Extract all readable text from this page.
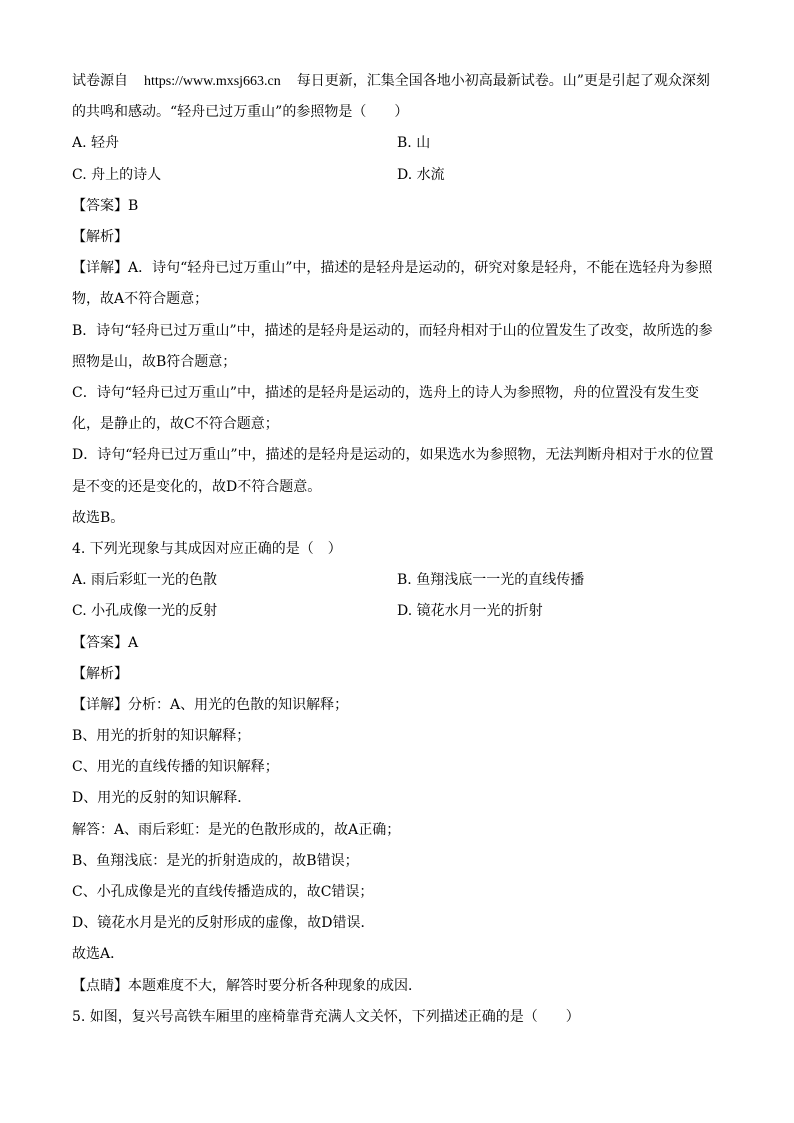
试卷源自 https://www.mxsj663.cn 每日更新，汇集全国各地小初高最新试卷。山”更是引起了观众深刻
的共鸣和感动。“轻舟已过万重山”的参照物是（　　）
A. 轻舟	B. 山
C. 舟上的诗人	D. 水流
【答案】B
【解析】
【详解】A．诗句“轻舟已过万重山”中，描述的是轻舟是运动的，研究对象是轻舟，不能在选轻舟为参照物，故A不符合题意；
B．诗句“轻舟已过万重山”中，描述的是轻舟是运动的，而轻舟相对于山的位置发生了改变，故所选的参照物是山，故B符合题意；
C．诗句“轻舟已过万重山”中，描述的是轻舟是运动的，选舟上的诗人为参照物，舟的位置没有发生变化，是静止的，故C不符合题意；
D．诗句“轻舟已过万重山”中，描述的是轻舟是运动的，如果选水为参照物，无法判断舟相对于水的位置是不变的还是变化的，故D不符合题意。
故选B。
4. 下列光现象与其成因对应正确的是（　）
A. 雨后彩虹一光的色散	B. 鱼翔浅底一一光的直线传播
C. 小孔成像一光的反射	D. 镜花水月一光的折射
【答案】A
【解析】
【详解】分析：A、用光的色散的知识解释；
B、用光的折射的知识解释；
C、用光的直线传播的知识解释；
D、用光的反射的知识解释．
解答：A、雨后彩虹：是光的色散形成的，故A正确；
B、鱼翔浅底：是光的折射造成的，故B错误；
C、小孔成像是光的直线传播造成的，故C错误；
D、镜花水月是光的反射形成的虚像，故D错误．
故选A．
【点睛】本题难度不大，解答时要分析各种现象的成因．
5. 如图，复兴号高铁车厢里的座椅靠背充满人文关怀，下列描述正确的是（　　）
